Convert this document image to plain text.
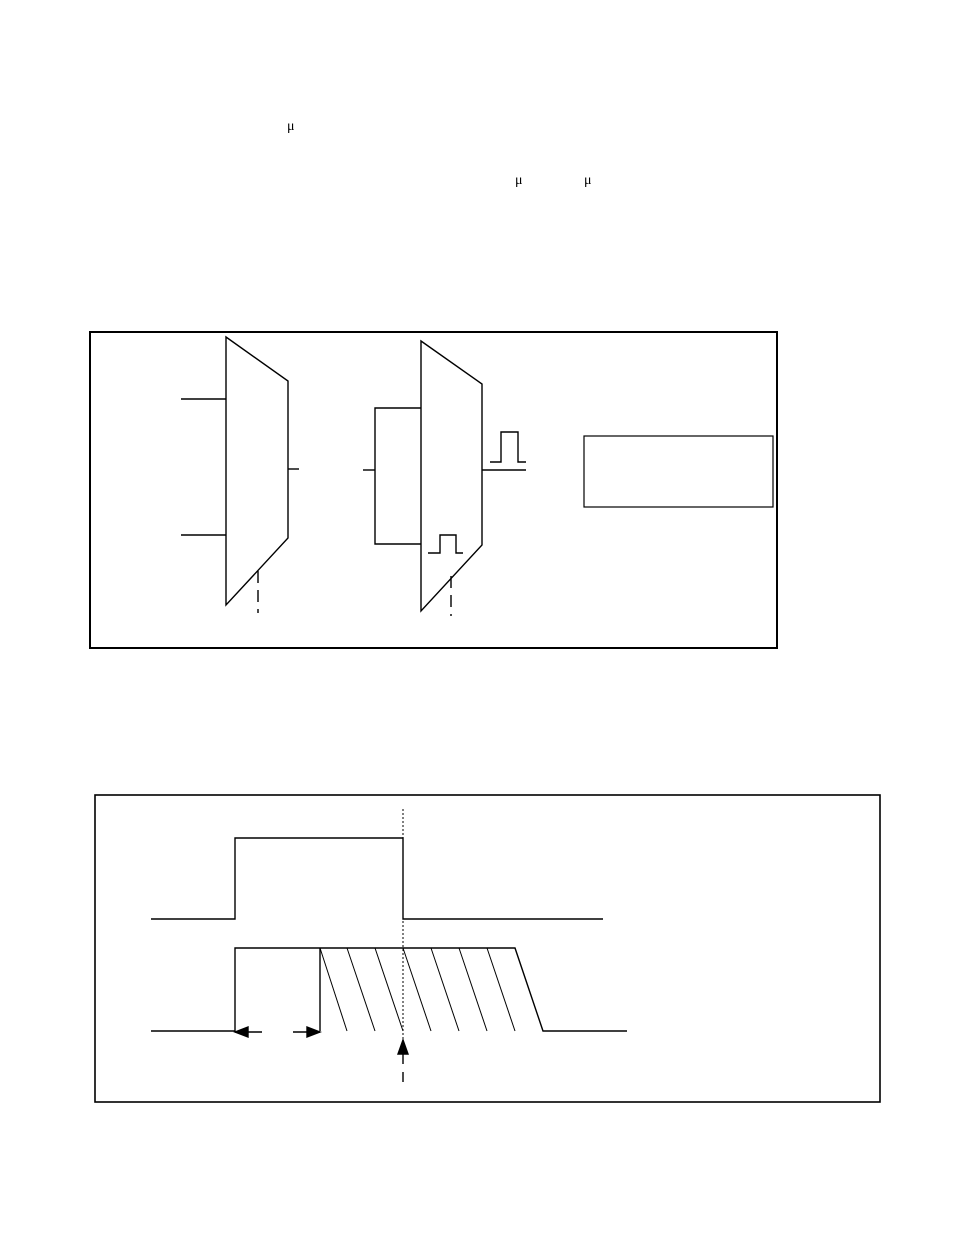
μ
μ	μ
